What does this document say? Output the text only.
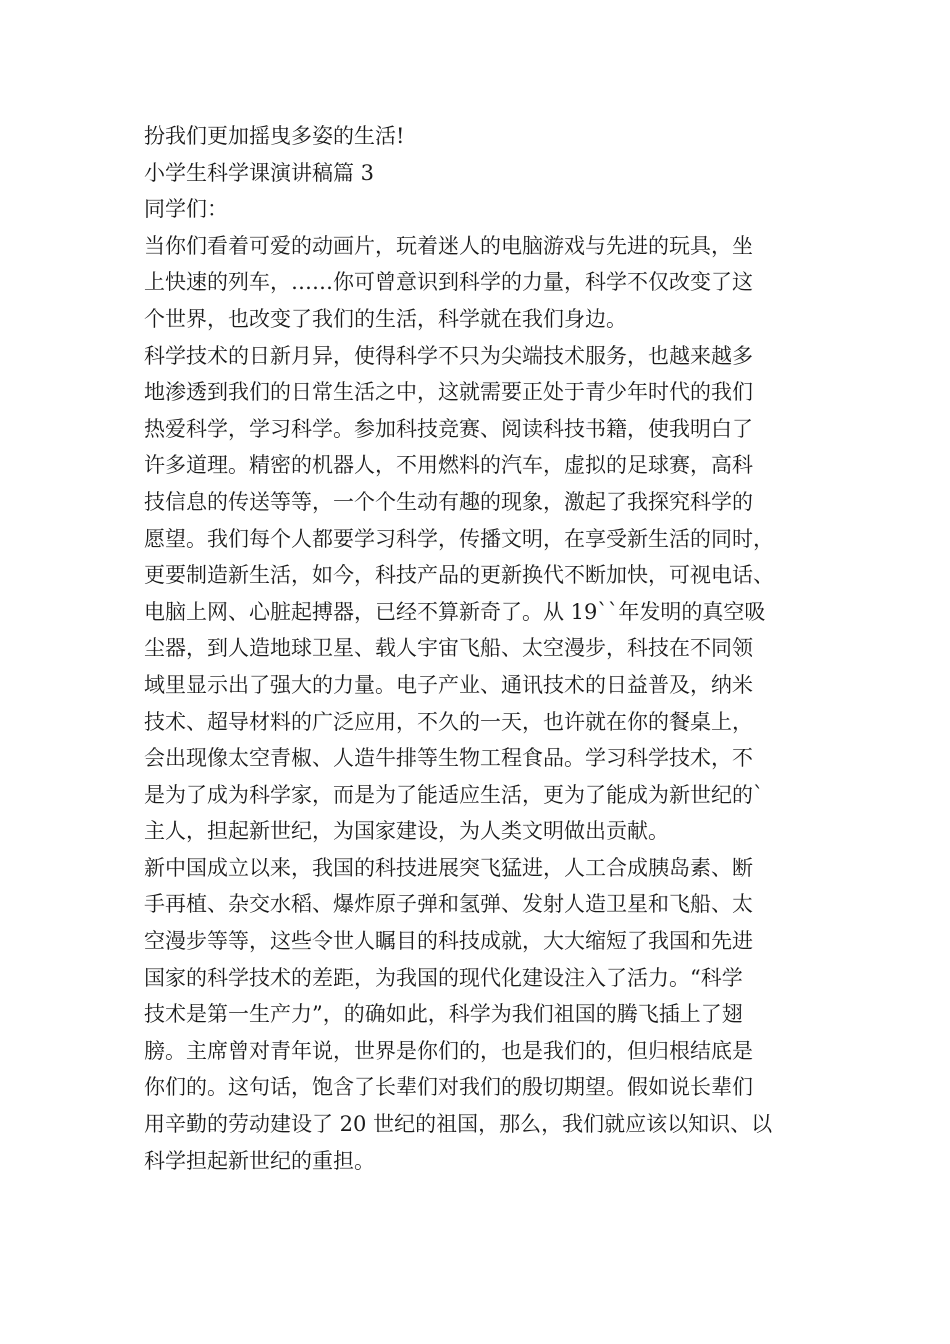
扮我们更加摇曳多姿的生活!
小学生科学课演讲稿篇 3
同学们：
当你们看着可爱的动画片，玩着迷人的电脑游戏与先进的玩具，坐
上快速的列车，……你可曾意识到科学的力量，科学不仅改变了这
个世界，也改变了我们的生活，科学就在我们身边。
科学技术的日新月异，使得科学不只为尖端技术服务，也越来越多
地渗透到我们的日常生活之中，这就需要正处于青少年时代的我们
热爱科学，学习科学。参加科技竞赛、阅读科技书籍，使我明白了
许多道理。精密的机器人，不用燃料的汽车，虚拟的足球赛，高科
技信息的传送等等，一个个生动有趣的现象，激起了我探究科学的
愿望。我们每个人都要学习科学，传播文明，在享受新生活的同时，
更要制造新生活，如今，科技产品的更新换代不断加快，可视电话、
电脑上网、心脏起搏器，已经不算新奇了。从 19``年发明的真空吸
尘器，到人造地球卫星、载人宇宙飞船、太空漫步，科技在不同领
域里显示出了强大的力量。电子产业、通讯技术的日益普及，纳米
技术、超导材料的广泛应用，不久的一天，也许就在你的餐桌上，
会出现像太空青椒、人造牛排等生物工程食品。学习科学技术，不
是为了成为科学家，而是为了能适应生活，更为了能成为新世纪的`
主人，担起新世纪，为国家建设，为人类文明做出贡献。
新中国成立以来，我国的科技进展突飞猛进，人工合成胰岛素、断
手再植、杂交水稻、爆炸原子弹和氢弹、发射人造卫星和飞船、太
空漫步等等，这些令世人瞩目的科技成就，大大缩短了我国和先进
国家的科学技术的差距，为我国的现代化建设注入了活力。“科学
技术是第一生产力”，的确如此，科学为我们祖国的腾飞插上了翅
膀。主席曾对青年说，世界是你们的，也是我们的，但归根结底是
你们的。这句话，饱含了长辈们对我们的殷切期望。假如说长辈们
用辛勤的劳动建设了 20 世纪的祖国，那么，我们就应该以知识、以
科学担起新世纪的重担。
